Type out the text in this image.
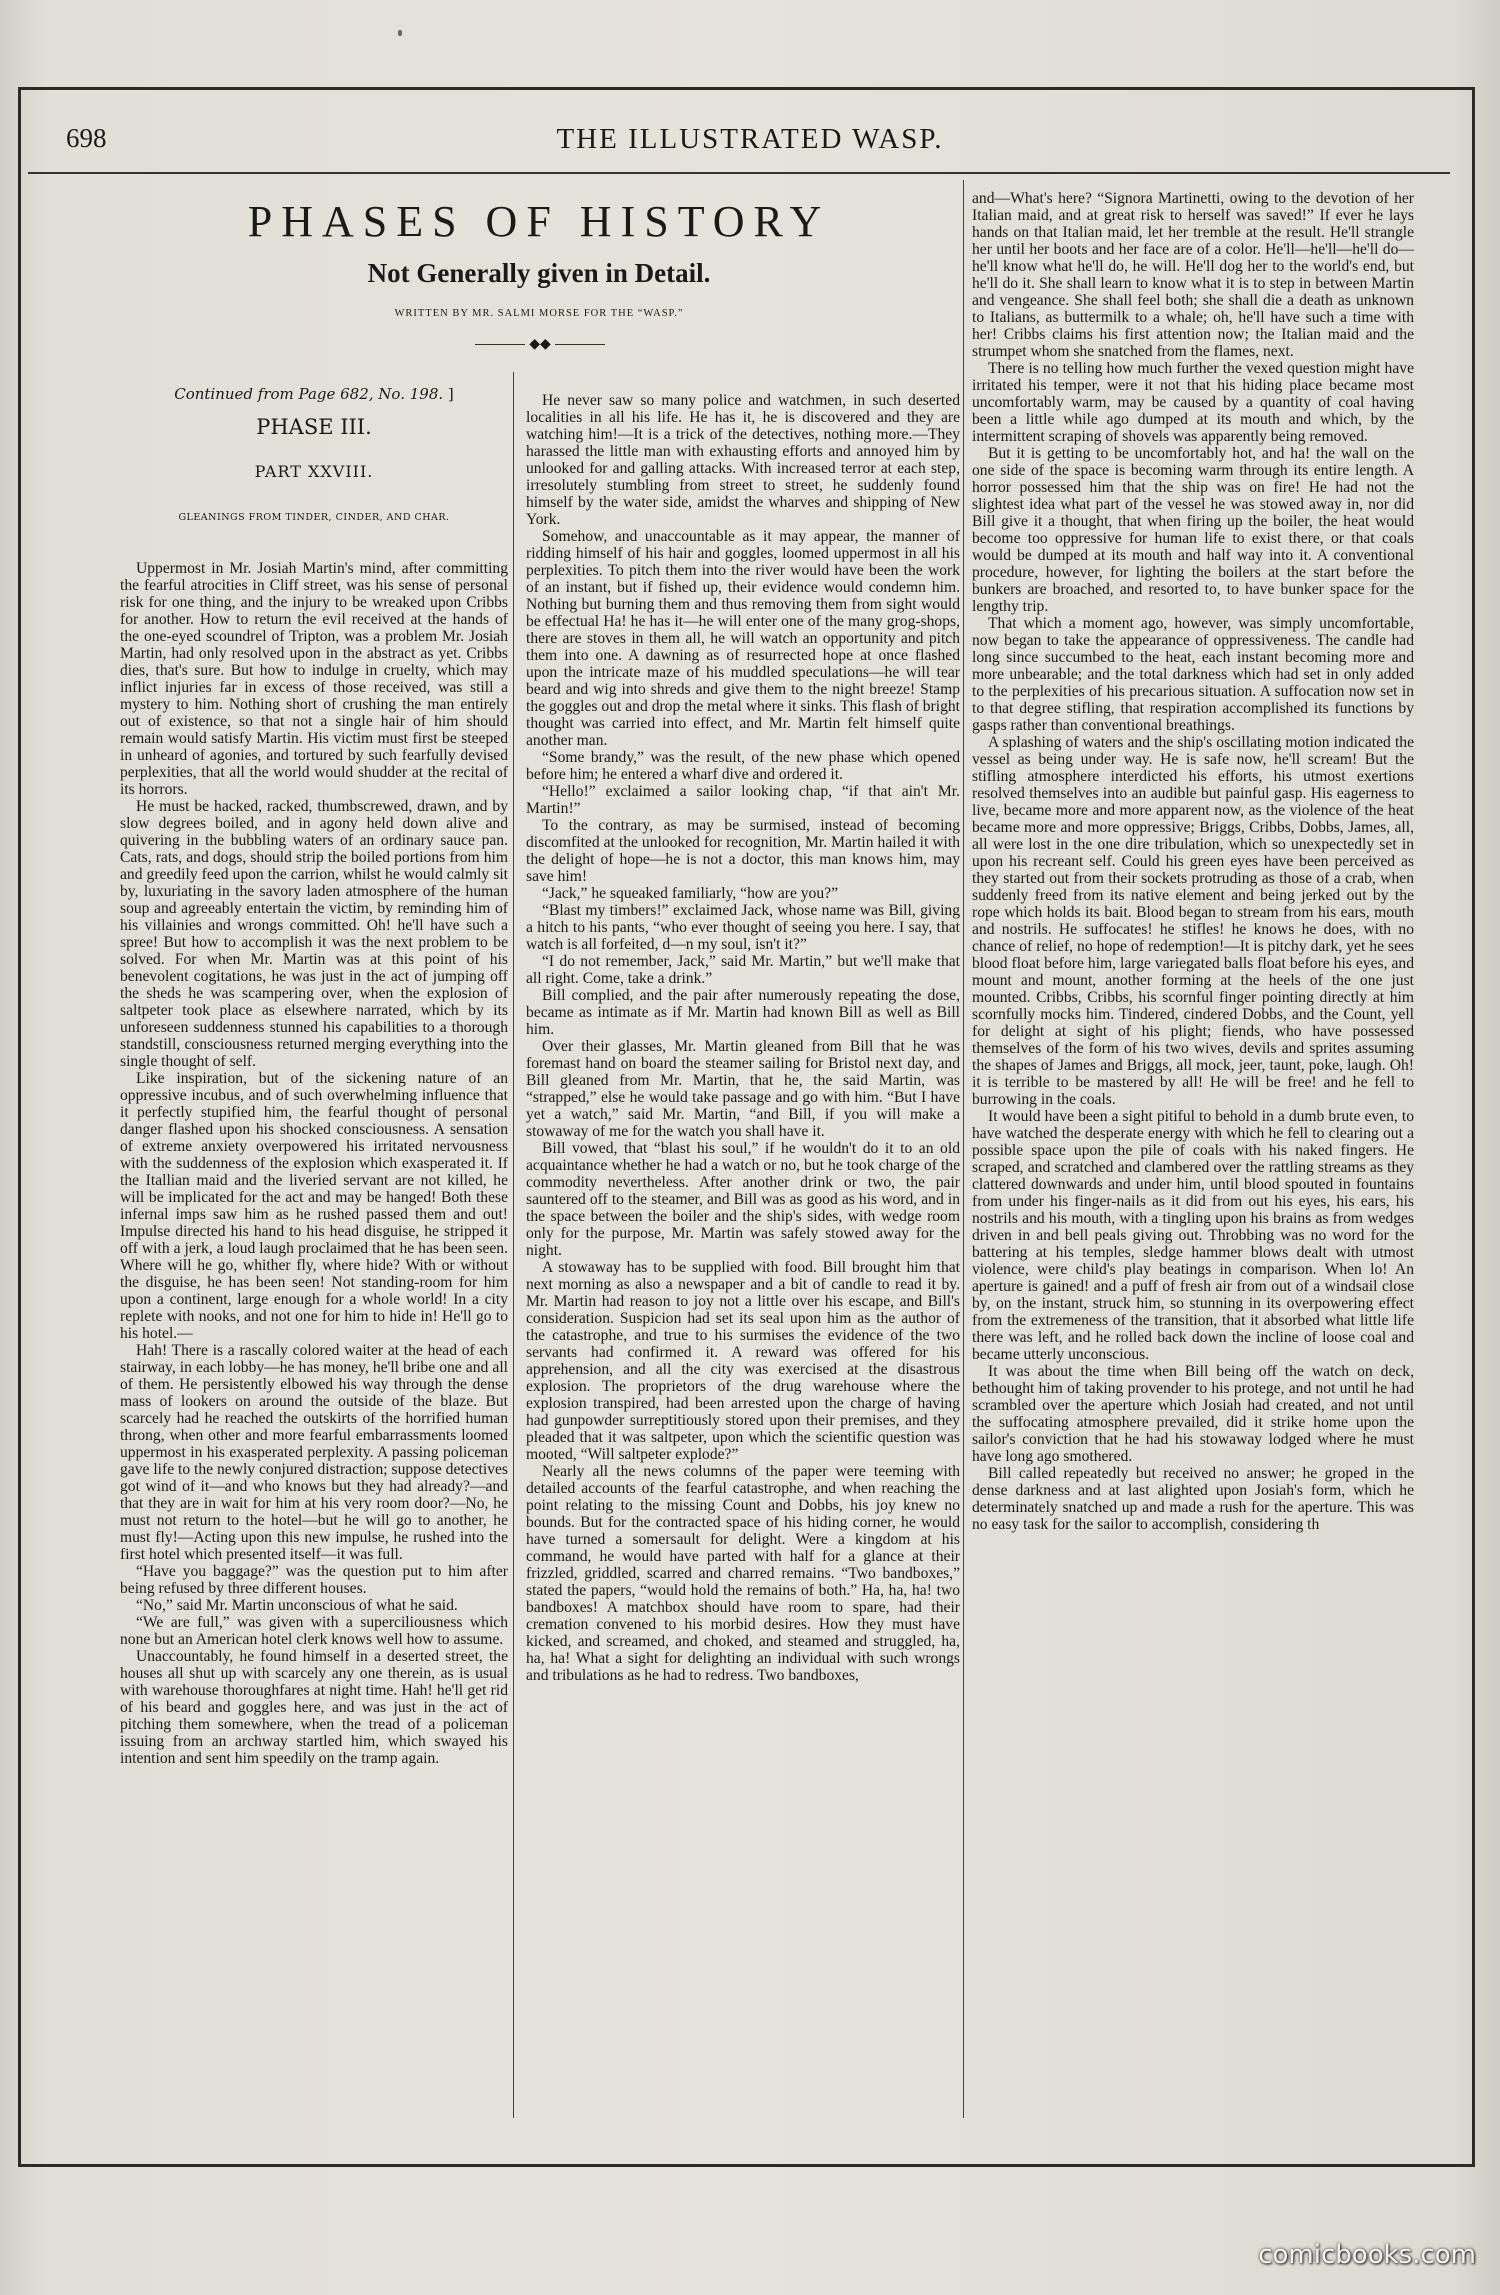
698	THE ILLUSTRATED WASP.
PHASES OF HISTORY
Not Generally given in Detail.
WRITTEN BY MR. SALMI MORSE FOR THE “WASP.”
◆◆
Continued from Page 682, No. 198. ]
PHASE III.
PART XXVIII.
GLEANINGS FROM TINDER, CINDER, AND CHAR.

Uppermost in Mr. Josiah Martin's mind, after committing the fearful atrocities in Cliff street, was his sense of personal risk for one thing, and the injury to be wreaked upon Cribbs for another. How to return the evil received at the hands of the one-eyed scoundrel of Tripton, was a problem Mr. Josiah Martin, had only resolved upon in the abstract as yet. Cribbs dies, that's sure. But how to indulge in cruelty, which may inflict injuries far in excess of those received, was still a mystery to him. Nothing short of crushing the man entirely out of existence, so that not a single hair of him should remain would satisfy Martin. His victim must first be steeped in unheard of agonies, and tortured by such fearfully devised perplexities, that all the world would shudder at the recital of its horrors.

He must be hacked, racked, thumbscrewed, drawn, and by slow degrees boiled, and in agony held down alive and quivering in the bubbling waters of an ordinary sauce pan. Cats, rats, and dogs, should strip the boiled portions from him and greedily feed upon the carrion, whilst he would calmly sit by, luxuriating in the savory laden atmosphere of the human soup and agreeably entertain the victim, by reminding him of his villainies and wrongs committed. Oh! he'll have such a spree! But how to accomplish it was the next problem to be solved. For when Mr. Martin was at this point of his benevolent cogitations, he was just in the act of jumping off the sheds he was scampering over, when the explosion of saltpeter took place as elsewhere narrated, which by its unforeseen suddenness stunned his capabilities to a thorough standstill, consciousness returned merging everything into the single thought of self.

Like inspiration, but of the sickening nature of an oppressive incubus, and of such overwhelming influence that it perfectly stupified him, the fearful thought of personal danger flashed upon his shocked consciousness. A sensation of extreme anxiety overpowered his irritated nervousness with the suddenness of the explosion which exasperated it. If the Itallian maid and the liveried servant are not killed, he will be implicated for the act and may be hanged! Both these infernal imps saw him as he rushed passed them and out! Impulse directed his hand to his head disguise, he stripped it off with a jerk, a loud laugh proclaimed that he has been seen. Where will he go, whither fly, where hide? With or without the disguise, he has been seen! Not standing-room for him upon a continent, large enough for a whole world! In a city replete with nooks, and not one for him to hide in! He'll go to his hotel.—

Hah! There is a rascally colored waiter at the head of each stairway, in each lobby—he has money, he'll bribe one and all of them. He persistently elbowed his way through the dense mass of lookers on around the outside of the blaze. But scarcely had he reached the outskirts of the horrified human throng, when other and more fearful embarrassments loomed uppermost in his exasperated perplexity. A passing policeman gave life to the newly conjured distraction; suppose detectives got wind of it—and who knows but they had already?—and that they are in wait for him at his very room door?—No, he must not return to the hotel—but he will go to another, he must fly!—Acting upon this new impulse, he rushed into the first hotel which presented itself—it was full.

“Have you baggage?” was the question put to him after being refused by three different houses.

“No,” said Mr. Martin unconscious of what he said.

“We are full,” was given with a superciliousness which none but an American hotel clerk knows well how to assume.

Unaccountably, he found himself in a deserted street, the houses all shut up with scarcely any one therein, as is usual with warehouse thoroughfares at night time. Hah! he'll get rid of his beard and goggles here, and was just in the act of pitching them somewhere, when the tread of a policeman issuing from an archway startled him, which swayed his intention and sent him speedily on the tramp again.

He never saw so many police and watchmen, in such deserted localities in all his life. He has it, he is discovered and they are watching him!—It is a trick of the detectives, nothing more.—They harassed the little man with exhausting efforts and annoyed him by unlooked for and galling attacks. With increased terror at each step, irresolutely stumbling from street to street, he suddenly found himself by the water side, amidst the wharves and shipping of New York.

Somehow, and unaccountable as it may appear, the manner of ridding himself of his hair and goggles, loomed uppermost in all his perplexities. To pitch them into the river would have been the work of an instant, but if fished up, their evidence would condemn him. Nothing but burning them and thus removing them from sight would be effectual Ha! he has it—he will enter one of the many grog-shops, there are stoves in them all, he will watch an opportunity and pitch them into one. A dawning as of resurrected hope at once flashed upon the intricate maze of his muddled speculations—he will tear beard and wig into shreds and give them to the night breeze! Stamp the goggles out and drop the metal where it sinks. This flash of bright thought was carried into effect, and Mr. Martin felt himself quite another man.

“Some brandy,” was the result, of the new phase which opened before him; he entered a wharf dive and ordered it.

“Hello!” exclaimed a sailor looking chap, “if that ain't Mr. Martin!”

To the contrary, as may be surmised, instead of becoming discomfited at the unlooked for recognition, Mr. Martin hailed it with the delight of hope—he is not a doctor, this man knows him, may save him!

“Jack,” he squeaked familiarly, “how are you?”

“Blast my timbers!” exclaimed Jack, whose name was Bill, giving a hitch to his pants, “who ever thought of seeing you here. I say, that watch is all forfeited, d—n my soul, isn't it?”

“I do not remember, Jack,” said Mr. Martin,” but we'll make that all right. Come, take a drink.”

Bill complied, and the pair after numerously repeating the dose, became as intimate as if Mr. Martin had known Bill as well as Bill him.

Over their glasses, Mr. Martin gleaned from Bill that he was foremast hand on board the steamer sailing for Bristol next day, and Bill gleaned from Mr. Martin, that he, the said Martin, was “strapped,” else he would take passage and go with him. “But I have yet a watch,” said Mr. Martin, “and Bill, if you will make a stowaway of me for the watch you shall have it.

Bill vowed, that “blast his soul,” if he wouldn't do it to an old acquaintance whether he had a watch or no, but he took charge of the commodity nevertheless. After another drink or two, the pair sauntered off to the steamer, and Bill was as good as his word, and in the space between the boiler and the ship's sides, with wedge room only for the purpose, Mr. Martin was safely stowed away for the night.

A stowaway has to be supplied with food. Bill brought him that next morning as also a newspaper and a bit of candle to read it by. Mr. Martin had reason to joy not a little over his escape, and Bill's consideration. Suspicion had set its seal upon him as the author of the catastrophe, and true to his surmises the evidence of the two servants had confirmed it. A reward was offered for his apprehension, and all the city was exercised at the disastrous explosion. The proprietors of the drug warehouse where the explosion transpired, had been arrested upon the charge of having had gunpowder surreptitiously stored upon their premises, and they pleaded that it was saltpeter, upon which the scientific question was mooted, “Will saltpeter explode?”

Nearly all the news columns of the paper were teeming with detailed accounts of the fearful catastrophe, and when reaching the point relating to the missing Count and Dobbs, his joy knew no bounds. But for the contracted space of his hiding corner, he would have turned a somersault for delight. Were a kingdom at his command, he would have parted with half for a glance at their frizzled, griddled, scarred and charred remains. “Two bandboxes,” stated the papers, “would hold the remains of both.” Ha, ha, ha! two bandboxes! A matchbox should have room to spare, had their cremation convened to his morbid desires. How they must have kicked, and screamed, and choked, and steamed and struggled, ha, ha, ha! What a sight for delighting an individual with such wrongs and tribulations as he had to redress. Two bandboxes,

and—What's here? “Signora Martinetti, owing to the devotion of her Italian maid, and at great risk to herself was saved!” If ever he lays hands on that Italian maid, let her tremble at the result. He'll strangle her until her boots and her face are of a color. He'll—he'll—he'll do—he'll know what he'll do, he will. He'll dog her to the world's end, but he'll do it. She shall learn to know what it is to step in between Martin and vengeance. She shall feel both; she shall die a death as unknown to Italians, as buttermilk to a whale; oh, he'll have such a time with her! Cribbs claims his first attention now; the Italian maid and the strumpet whom she snatched from the flames, next.

There is no telling how much further the vexed question might have irritated his temper, were it not that his hiding place became most uncomfortably warm, may be caused by a quantity of coal having been a little while ago dumped at its mouth and which, by the intermittent scraping of shovels was apparently being removed.

But it is getting to be uncomfortably hot, and ha! the wall on the one side of the space is becoming warm through its entire length. A horror possessed him that the ship was on fire! He had not the slightest idea what part of the vessel he was stowed away in, nor did Bill give it a thought, that when firing up the boiler, the heat would become too oppressive for human life to exist there, or that coals would be dumped at its mouth and half way into it. A conventional procedure, however, for lighting the boilers at the start before the bunkers are broached, and resorted to, to have bunker space for the lengthy trip.

That which a moment ago, however, was simply uncomfortable, now began to take the appearance of oppressiveness. The candle had long since succumbed to the heat, each instant becoming more and more unbearable; and the total darkness which had set in only added to the perplexities of his precarious situation. A suffocation now set in to that degree stifling, that respiration accomplished its functions by gasps rather than conventional breathings.

A splashing of waters and the ship's oscillating motion indicated the vessel as being under way. He is safe now, he'll scream! But the stifling atmosphere interdicted his efforts, his utmost exertions resolved themselves into an audible but painful gasp. His eagerness to live, became more and more apparent now, as the violence of the heat became more and more oppressive; Briggs, Cribbs, Dobbs, James, all, all were lost in the one dire tribulation, which so unexpectedly set in upon his recreant self. Could his green eyes have been perceived as they started out from their sockets protruding as those of a crab, when suddenly freed from its native element and being jerked out by the rope which holds its bait. Blood began to stream from his ears, mouth and nostrils. He suffocates! he stifles! he knows he does, with no chance of relief, no hope of redemption!—It is pitchy dark, yet he sees blood float before him, large variegated balls float before his eyes, and mount and mount, another forming at the heels of the one just mounted. Cribbs, Cribbs, his scornful finger pointing directly at him scornfully mocks him. Tindered, cindered Dobbs, and the Count, yell for delight at sight of his plight; fiends, who have possessed themselves of the form of his two wives, devils and sprites assuming the shapes of James and Briggs, all mock, jeer, taunt, poke, laugh. Oh! it is terrible to be mastered by all! He will be free! and he fell to burrowing in the coals.

It would have been a sight pitiful to behold in a dumb brute even, to have watched the desperate energy with which he fell to clearing out a possible space upon the pile of coals with his naked fingers. He scraped, and scratched and clambered over the rattling streams as they clattered downwards and under him, until blood spouted in fountains from under his finger-nails as it did from out his eyes, his ears, his nostrils and his mouth, with a tingling upon his brains as from wedges driven in and bell peals giving out. Throbbing was no word for the battering at his temples, sledge hammer blows dealt with utmost violence, were child's play beatings in comparison. When lo! An aperture is gained! and a puff of fresh air from out of a windsail close by, on the instant, struck him, so stunning in its overpowering effect from the extremeness of the transition, that it absorbed what little life there was left, and he rolled back down the incline of loose coal and became utterly unconscious.

It was about the time when Bill being off the watch on deck, bethought him of taking provender to his protege, and not until he had scrambled over the aperture which Josiah had created, and not until the suffocating atmosphere prevailed, did it strike home upon the sailor's conviction that he had his stowaway lodged where he must have long ago smothered.

Bill called repeatedly but received no answer; he groped in the dense darkness and at last alighted upon Josiah's form, which he determinately snatched up and made a rush for the aperture. This was no easy task for the sailor to accomplish, considering th

comicbooks.com
